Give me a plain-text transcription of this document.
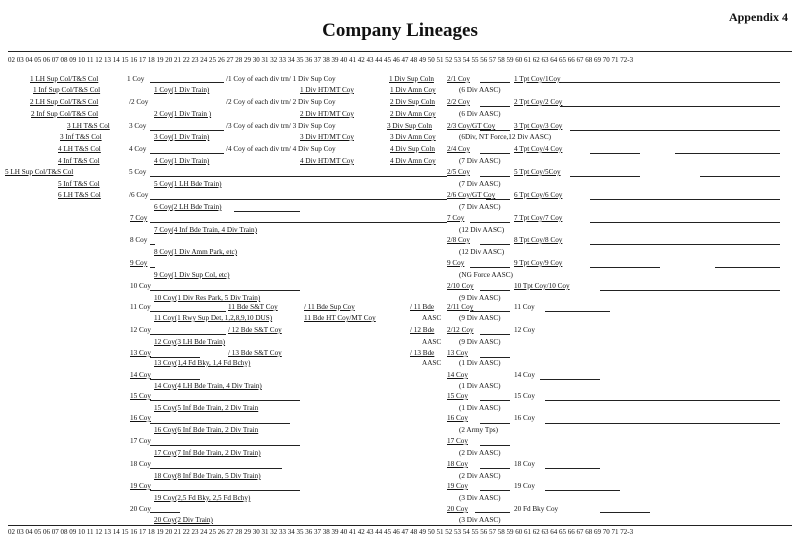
Appendix 4
Company Lineages
02 03 04 05 06 07 08 09 10 11 12 13 14 15 16 17 18 19 20 21 22 23 24 25 26 27 28 29 30 31 32 33 34 35 36 37 38 39 40 41 42 43 44 45 46 47 48 49 50 51 52 53 54 55 56 57 58 59 60 61 62 63 64 65 66 67 68 69 70 71 72-3
1 LH Sup Col/T&S Col	1 Coy	/1 Coy of each div trn/ 1 Div Sup Coy	1 Div Sup Coln 2/1 Coy	1 Tpt Coy/1Coy
1 Inf Sup Col/T&S Col	1 Coy(1 Div Train)	1 Div HT/MT Coy	1 Div Amn Coy	(6 Div AASC)
2 LH Sup Col/T&S Col	/2 Coy	/2 Coy of each div trn/ 2 Div Sup Coy	2 Div Sup Coln 2/2 Coy	2 Tpt Coy/2 Coy
2 Inf Sup Col/T&S Col	2 Coy(1 Div Train )	2 Div HT/MT Coy	2 Div Amn Coy	(6 Div AASC)
3 LH T&S Col	3 Coy	/3 Coy of each div trn/ 3 Div Sup Coy	3 Div Sup Coln 2/3 Coy/GT Coy	3 Tpt Coy/3 Coy
3 Inf T&S Col	3 Coy(1 Div Train)	3 Div HT/MT Coy	3 Div Amn Coy	(6Div, NT Force,12 Div AASC)
4 LH T&S Col	4 Coy	/4 Coy of each div trn/ 4 Div Sup Coy	4 Div Sup Coln 2/4 Coy	4 Tpt Coy/4 Coy
4 Inf T&S Col	4 Coy(1 Div Train)	4 Div HT/MT Coy	4 Div Amn Coy	(7 Div AASC)
5 LH Sup Col/T&S Col	5 Coy	2/5 Coy	5 Tpt Coy/5Coy
5 Inf T&S Col	5 Coy(1 LH Bde Train)	(7 Div AASC)
6 LH T&S Col	/6 Coy	2/6 Coy/GT Coy	6 Tpt Coy/6 Coy
6 Coy(2 LH Bde Train)	(7 Div AASC)
7 Coy	7 Coy	7 Tpt Coy/7 Coy
7 Coy(4 Inf Bde Train, 4 Div Train)	(12 Div AASC)
8 Coy	2/8 Coy	8 Tpt Coy/8 Coy
8 Coy(1 Div Amm Park, etc)	(12 Div AASC)
9 Coy	9 Coy	9 Tpt Coy/9 Coy
9 Coy(1 Div Sup Col, etc)	(NG Force AASC)
10 Coy	2/10 Coy	10 Tpt Coy/10 Coy
10 Coy(1 Div Res Park, 5 Div Train)	(9 Div AASC)
11 Coy	11 Bde S&T Coy	/ 11 Bde Sup Coy	/ 11 Bde 2/11 Coy	11 Coy
11 Coy(1 Rwy Sup Det, 1,2,8,9,10 DUS)	11 Bde HT Coy/MT Coy	AASC (9 Div AASC)
12 Coy	/ 12 Bde S&T Coy	/ 12 Bde 2/12 Coy	12 Coy
12 Coy(3 LH Bde Train)	AASC (9 Div AASC)
13 Coy	/ 13 Bde S&T Coy	/ 13 Bde 13 Coy
13 Coy(1,4 Fd Bky, 1,4 Fd Bchy)	AASC (1 Div AASC)
14 Coy	14 Coy	14 Coy
14 Coy(4 LH Bde Train, 4 Div Train)	(1 Div AASC)
15 Coy	15 Coy	15 Coy
15 Coy(5 Inf Bde Train, 2 Div Train	(1 Div AASC)
16 Coy	16 Coy	16 Coy
16 Coy(6 Inf Bde Train, 2 Div Train	(2 Army Tps)
17 Coy	17 Coy
17 Coy(7 Inf Bde Train, 2 Div Train)	(2 Div AASC)
18 Coy	18 Coy	18 Coy
18 Coy(8 Inf Bde Train, 5 Div Train)	(2 Div AASC)
19 Coy	19 Coy	19 Coy
19 Coy(2,5 Fd Bky, 2,5 Fd Bchy)	(3 Div AASC)
20 Coy	20 Coy	20 Fd Bky Coy
20 Coy(2 Div Train)	(3 Div AASC)
02 03 04 05 06 07 08 09 10 11 12 13 14 15 16 17 18 19 20 21 22 23 24 25 26 27 28 29 30 31 32 33 34 35 36 37 38 39 40 41 42 43 44 45 46 47 48 49 50 51 52 53 54 55 56 57 58 59 60 61 62 63 64 65 66 67 68 69 70 71 72-3
